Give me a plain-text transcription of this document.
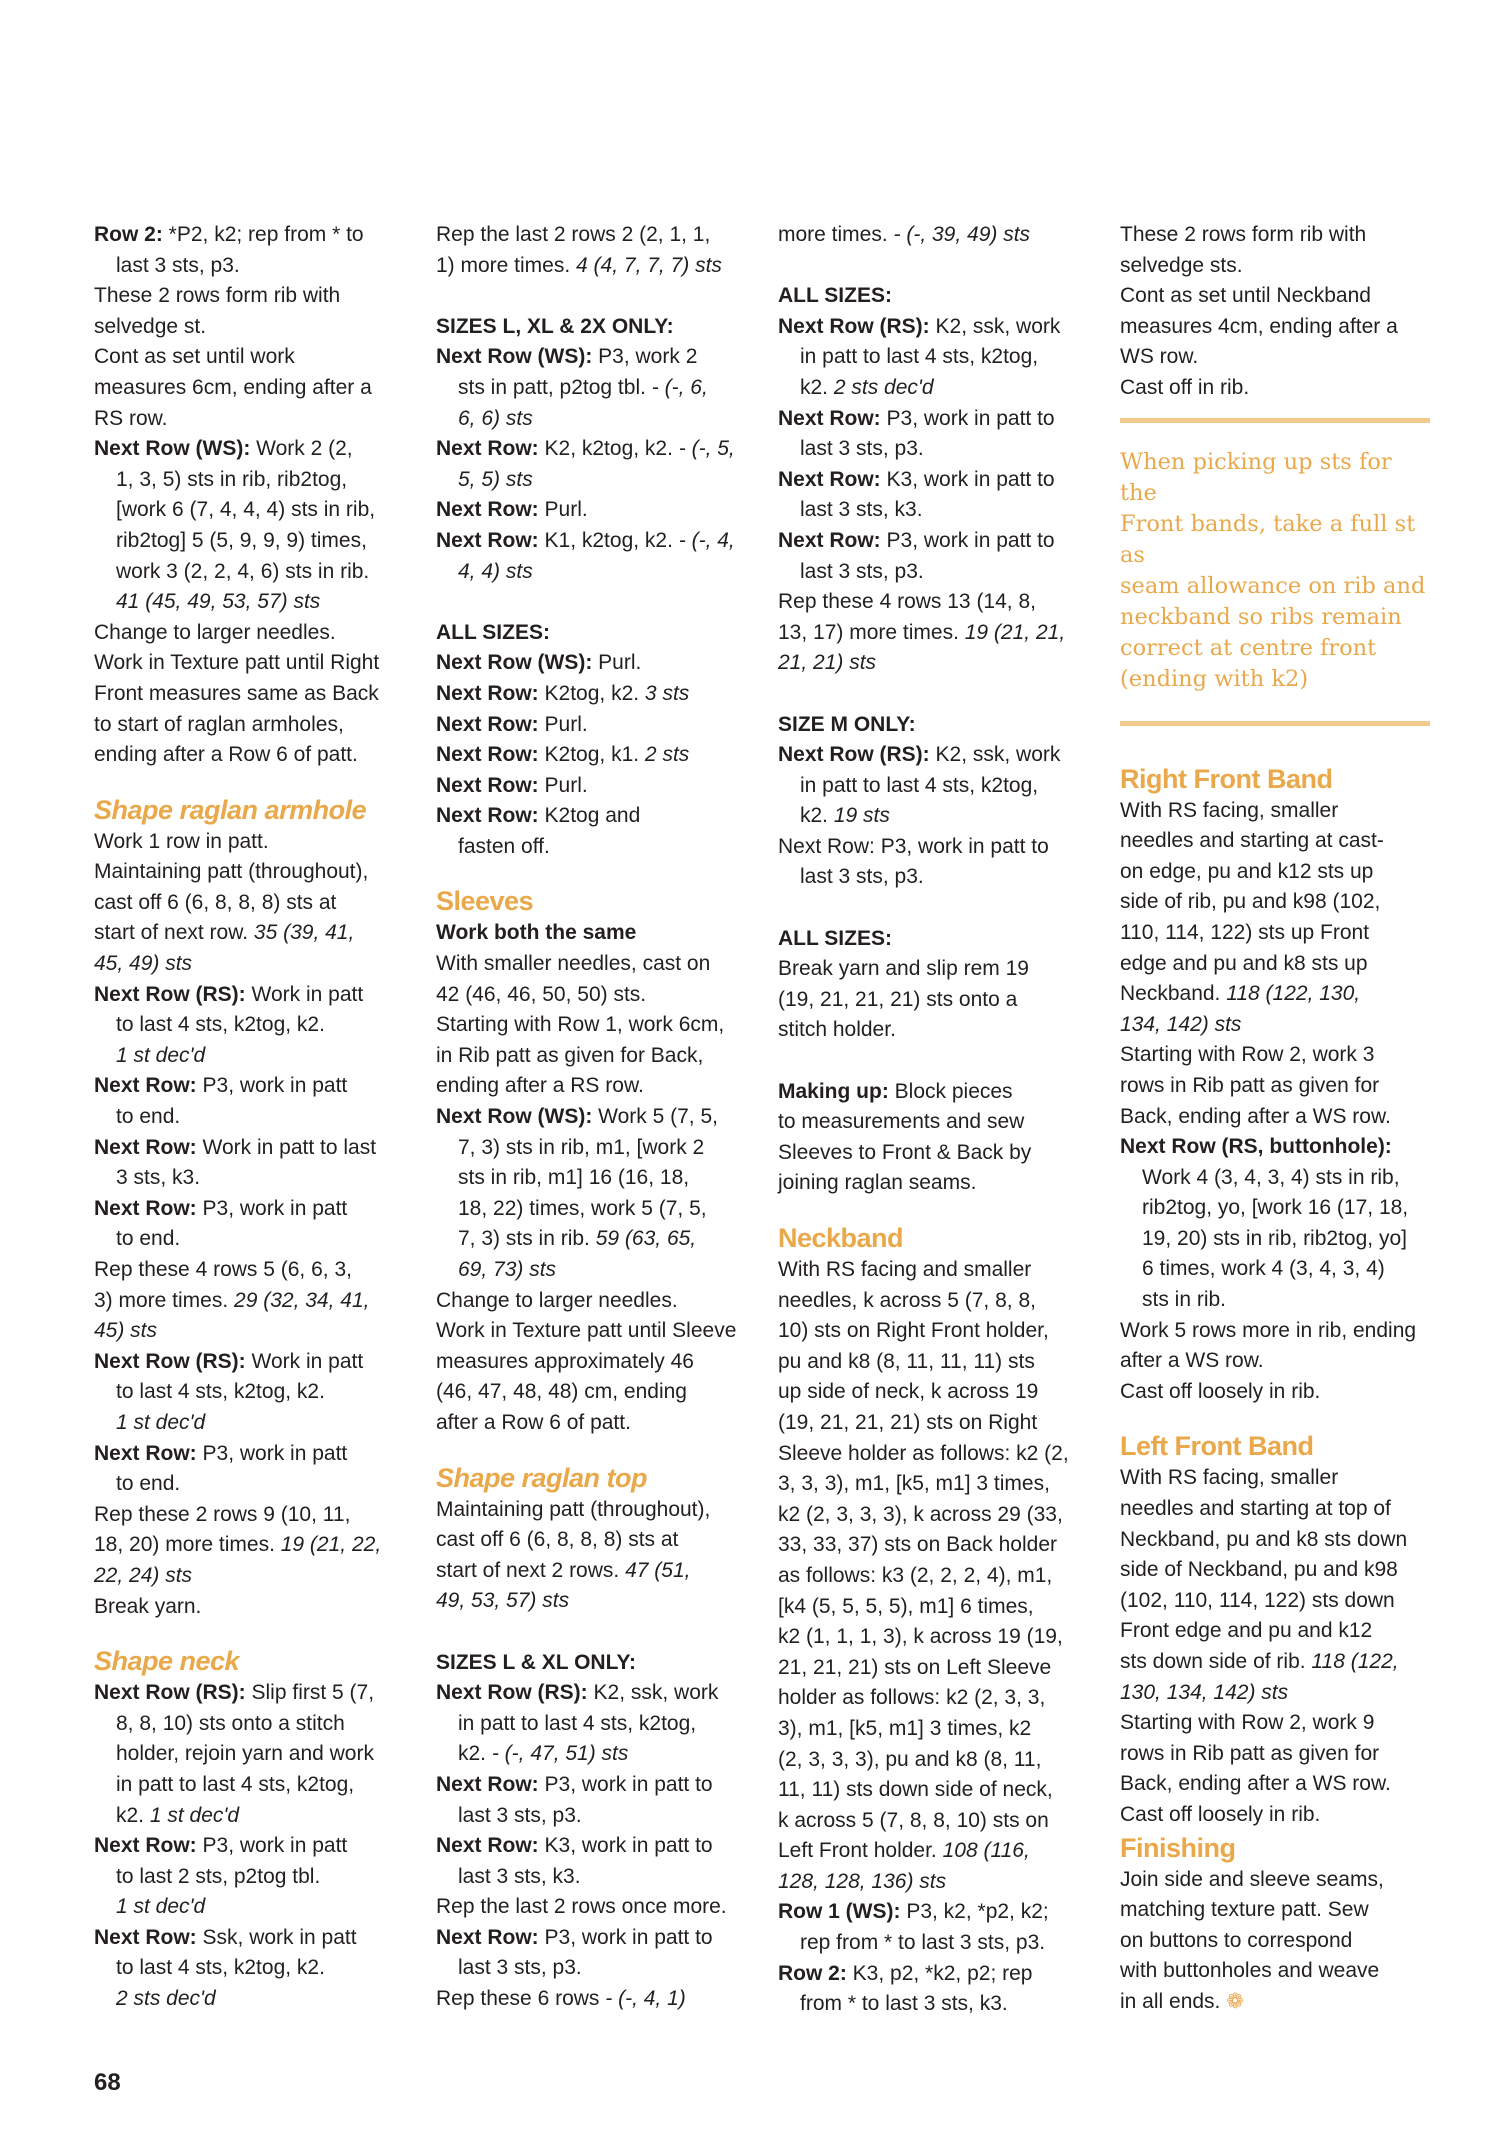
Row 2: *P2, k2; rep from * to

last 3 sts, p3.

These 2 rows form rib with

selvedge st.

Cont as set until work

measures 6cm, ending after a

RS row.

Next Row (WS): Work 2 (2,

1, 3, 5) sts in rib, rib2tog,

[work 6 (7, 4, 4, 4) sts in rib,

rib2tog] 5 (5, 9, 9, 9) times,

work 3 (2, 2, 4, 6) sts in rib.

41 (45, 49, 53, 57) sts

Change to larger needles.

Work in Texture patt until Right

Front measures same as Back

to start of raglan armholes,

ending after a Row 6 of patt.

Shape raglan armhole

Work 1 row in patt.

Maintaining patt (throughout),

cast off 6 (6, 8, 8, 8) sts at

start of next row. 35 (39, 41,

45, 49) sts

Next Row (RS): Work in patt

to last 4 sts, k2tog, k2.

1 st dec'd

Next Row: P3, work in patt

to end.

Next Row: Work in patt to last

3 sts, k3.

Next Row: P3, work in patt

to end.

Rep these 4 rows 5 (6, 6, 3,

3) more times. 29 (32, 34, 41,

45) sts

Next Row (RS): Work in patt

to last 4 sts, k2tog, k2.

1 st dec'd

Next Row: P3, work in patt

to end.

Rep these 2 rows 9 (10, 11,

18, 20) more times. 19 (21, 22,

22, 24) sts

Break yarn.

Shape neck

Next Row (RS): Slip first 5 (7,

8, 8, 10) sts onto a stitch

holder, rejoin yarn and work

in patt to last 4 sts, k2tog,

k2. 1 st dec'd

Next Row: P3, work in patt

to last 2 sts, p2tog tbl.

1 st dec'd

Next Row: Ssk, work in patt

to last 4 sts, k2tog, k2.

2 sts dec'd

Rep the last 2 rows 2 (2, 1, 1,

1) more times. 4 (4, 7, 7, 7) sts

SIZES L, XL & 2X ONLY:

Next Row (WS): P3, work 2

sts in patt, p2tog tbl. - (-, 6,

6, 6) sts

Next Row: K2, k2tog, k2. - (-, 5,

5, 5) sts

Next Row: Purl.

Next Row: K1, k2tog, k2. - (-, 4,

4, 4) sts

ALL SIZES:

Next Row (WS): Purl.

Next Row: K2tog, k2. 3 sts

Next Row: Purl.

Next Row: K2tog, k1. 2 sts

Next Row: Purl.

Next Row: K2tog and

fasten off.

Sleeves

Work both the same

With smaller needles, cast on

42 (46, 46, 50, 50) sts.

Starting with Row 1, work 6cm,

in Rib patt as given for Back,

ending after a RS row.

Next Row (WS): Work 5 (7, 5,

7, 3) sts in rib, m1, [work 2

sts in rib, m1] 16 (16, 18,

18, 22) times, work 5 (7, 5,

7, 3) sts in rib. 59 (63, 65,

69, 73) sts

Change to larger needles.

Work in Texture patt until Sleeve

measures approximately 46

(46, 47, 48, 48) cm, ending

after a Row 6 of patt.

Shape raglan top

Maintaining patt (throughout),

cast off 6 (6, 8, 8, 8) sts at

start of next 2 rows. 47 (51,

49, 53, 57) sts

SIZES L & XL ONLY:

Next Row (RS): K2, ssk, work

in patt to last 4 sts, k2tog,

k2. - (-, 47, 51) sts

Next Row: P3, work in patt to

last 3 sts, p3.

Next Row: K3, work in patt to

last 3 sts, k3.

Rep the last 2 rows once more.

Next Row: P3, work in patt to

last 3 sts, p3.

Rep these 6 rows - (-, 4, 1)

more times. - (-, 39, 49) sts

ALL SIZES:

Next Row (RS): K2, ssk, work

in patt to last 4 sts, k2tog,

k2. 2 sts dec'd

Next Row: P3, work in patt to

last 3 sts, p3.

Next Row: K3, work in patt to

last 3 sts, k3.

Next Row: P3, work in patt to

last 3 sts, p3.

Rep these 4 rows 13 (14, 8,

13, 17) more times. 19 (21, 21,

21, 21) sts

SIZE M ONLY:

Next Row (RS): K2, ssk, work

in patt to last 4 sts, k2tog,

k2. 19 sts

Next Row: P3, work in patt to

last 3 sts, p3.

ALL SIZES:

Break yarn and slip rem 19

(19, 21, 21, 21) sts onto a

stitch holder.

Making up: Block pieces

to measurements and sew

Sleeves to Front & Back by

joining raglan seams.

Neckband

With RS facing and smaller

needles, k across 5 (7, 8, 8,

10) sts on Right Front holder,

pu and k8 (8, 11, 11, 11) sts

up side of neck, k across 19

(19, 21, 21, 21) sts on Right

Sleeve holder as follows: k2 (2,

3, 3, 3), m1, [k5, m1] 3 times,

k2 (2, 3, 3, 3), k across 29 (33,

33, 33, 37) sts on Back holder

as follows: k3 (2, 2, 2, 4), m1,

[k4 (5, 5, 5, 5), m1] 6 times,

k2 (1, 1, 1, 3), k across 19 (19,

21, 21, 21) sts on Left Sleeve

holder as follows: k2 (2, 3, 3,

3), m1, [k5, m1] 3 times, k2

(2, 3, 3, 3), pu and k8 (8, 11,

11, 11) sts down side of neck,

k across 5 (7, 8, 8, 10) sts on

Left Front holder. 108 (116,

128, 128, 136) sts

Row 1 (WS): P3, k2, *p2, k2;

rep from * to last 3 sts, p3.

Row 2: K3, p2, *k2, p2; rep

from * to last 3 sts, k3.

These 2 rows form rib with

selvedge sts.

Cont as set until Neckband

measures 4cm, ending after a

WS row.

Cast off in rib.

When picking up sts for the

Front bands, take a full st as

seam allowance on rib and

neckband so ribs remain

correct at centre front

(ending with k2)

Right Front Band

With RS facing, smaller

needles and starting at cast-

on edge, pu and k12 sts up

side of rib, pu and k98 (102,

110, 114, 122) sts up Front

edge and pu and k8 sts up

Neckband. 118 (122, 130,

134, 142) sts

Starting with Row 2, work 3

rows in Rib patt as given for

Back, ending after a WS row.

Next Row (RS, buttonhole):

Work 4 (3, 4, 3, 4) sts in rib,

rib2tog, yo, [work 16 (17, 18,

19, 20) sts in rib, rib2tog, yo]

6 times, work 4 (3, 4, 3, 4)

sts in rib.

Work 5 rows more in rib, ending

after a WS row.

Cast off loosely in rib.

Left Front Band

With RS facing, smaller

needles and starting at top of

Neckband, pu and k8 sts down

side of Neckband, pu and k98

(102, 110, 114, 122) sts down

Front edge and pu and k12

sts down side of rib. 118 (122,

130, 134, 142) sts

Starting with Row 2, work 9

rows in Rib patt as given for

Back, ending after a WS row.

Cast off loosely in rib.

Finishing

Join side and sleeve seams,

matching texture patt. Sew

on buttons to correspond

with buttonholes and weave

in all ends. ❁

68
